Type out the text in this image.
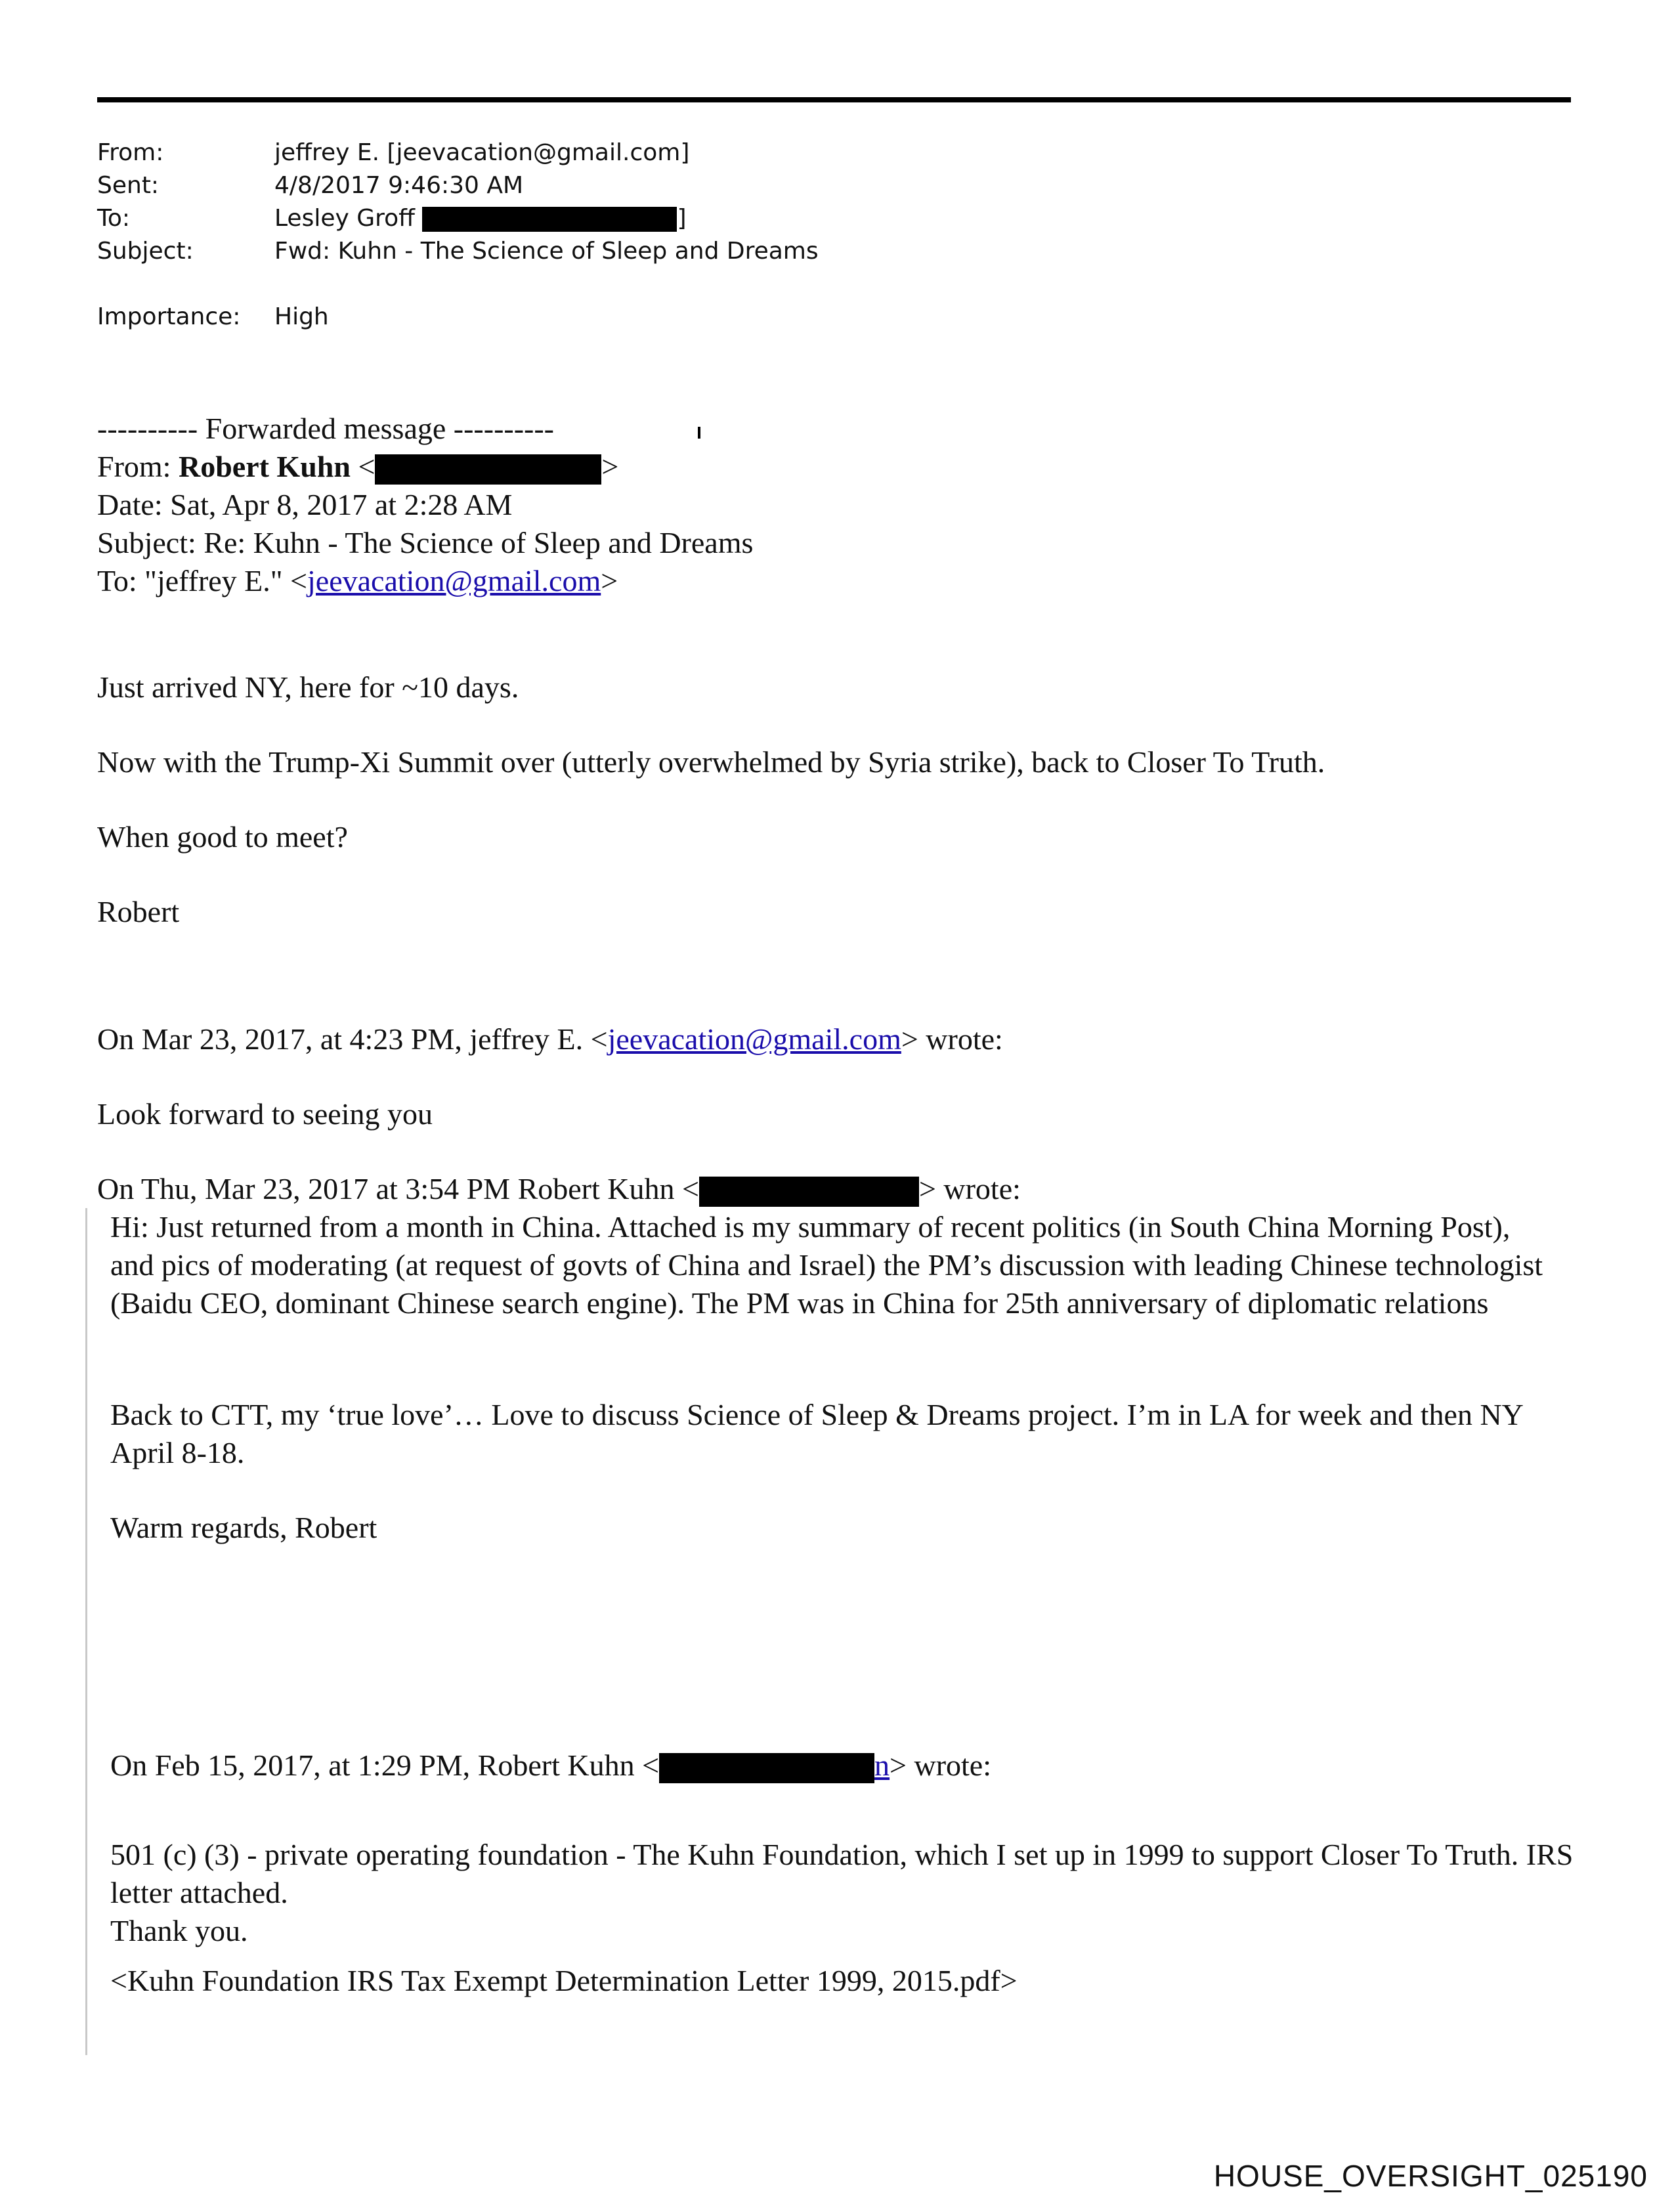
From:	jeffrey E. [jeevacation@gmail.com]
Sent:	4/8/2017 9:46:30 AM
To:	Lesley Groff	]
Subject:	Fwd: Kuhn - The Science of Sleep and Dreams
Importance:	High
---------- Forwarded message ----------
From: Robert Kuhn <	>
Date: Sat, Apr 8, 2017 at 2:28 AM
Subject: Re: Kuhn - The Science of Sleep and Dreams
To: "jeffrey E." <jeevacation@gmail.com>
Just arrived NY, here for ~10 days.
Now with the Trump-Xi Summit over (utterly overwhelmed by Syria strike), back to Closer To Truth.
When good to meet?
Robert
On Mar 23, 2017, at 4:23 PM, jeffrey E. <jeevacation@gmail.com> wrote:
Look forward to seeing you
On Thu, Mar 23, 2017 at 3:54 PM Robert Kuhn <	> wrote:
Hi: Just returned from a month in China. Attached is my summary of recent politics (in South China Morning Post), and pics of moderating (at request of govts of China and Israel) the PM’s discussion with leading Chinese technologist (Baidu CEO, dominant Chinese search engine). The PM was in China for 25th anniversary of diplomatic relations
Back to CTT, my ‘true love’… Love to discuss Science of Sleep & Dreams project. I’m in LA for week and then NY April 8-18.
Warm regards, Robert
On Feb 15, 2017, at 1:29 PM, Robert Kuhn <	n> wrote:
501 (c) (3) - private operating foundation - The Kuhn Foundation, which I set up in 1999 to support Closer To Truth. IRS letter attached.
Thank you.
<Kuhn Foundation IRS Tax Exempt Determination Letter 1999, 2015.pdf>
HOUSE_OVERSIGHT_025190
